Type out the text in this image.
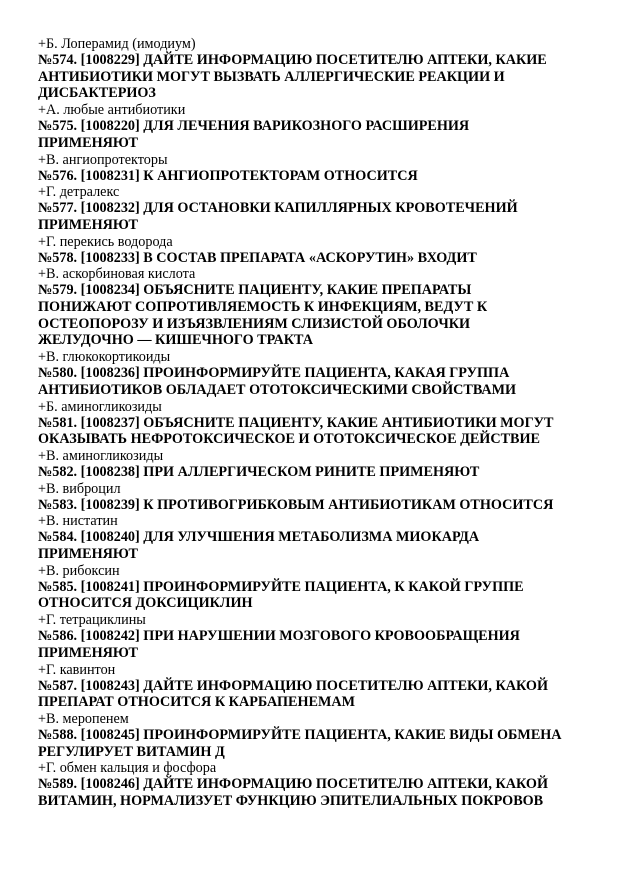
+Б. Лоперамид (имодиум)
№574. [1008229] ДАЙТЕ ИНФОРМАЦИЮ ПОСЕТИТЕЛЮ АПТЕКИ, КАКИЕ
АНТИБИОТИКИ МОГУТ ВЫЗВАТЬ АЛЛЕРГИЧЕСКИЕ РЕАКЦИИ И
ДИСБАКТЕРИОЗ
+А. любые антибиотики
№575. [1008220] ДЛЯ ЛЕЧЕНИЯ ВАРИКОЗНОГО РАСШИРЕНИЯ
ПРИМЕНЯЮТ
+В. ангиопротекторы
№576. [1008231] К АНГИОПРОТЕКТОРАМ ОТНОСИТСЯ
+Г. детралекс
№577. [1008232] ДЛЯ ОСТАНОВКИ КАПИЛЛЯРНЫХ КРОВОТЕЧЕНИЙ
ПРИМЕНЯЮТ
+Г. перекись водорода
№578. [1008233] В СОСТАВ ПРЕПАРАТА «АСКОРУТИН» ВХОДИТ
+В. аскорбиновая кислота
№579. [1008234] ОБЪЯСНИТЕ ПАЦИЕНТУ, КАКИЕ ПРЕПАРАТЫ
ПОНИЖАЮТ СОПРОТИВЛЯЕМОСТЬ К ИНФЕКЦИЯМ, ВЕДУТ К
ОСТЕОПОРОЗУ И ИЗЪЯЗВЛЕНИЯМ СЛИЗИСТОЙ ОБОЛОЧКИ
ЖЕЛУДОЧНО — КИШЕЧНОГО ТРАКТА
+В. глюкокортикоиды
№580. [1008236] ПРОИНФОРМИРУЙТЕ ПАЦИЕНТА, КАКАЯ ГРУППА
АНТИБИОТИКОВ ОБЛАДАЕТ ОТОТОКСИЧЕСКИМИ СВОЙСТВАМИ
+Б. аминогликозиды
№581. [1008237] ОБЪЯСНИТЕ ПАЦИЕНТУ, КАКИЕ АНТИБИОТИКИ МОГУТ
ОКАЗЫВАТЬ НЕФРОТОКСИЧЕСКОЕ И ОТОТОКСИЧЕСКОЕ ДЕЙСТВИЕ
+В. аминогликозиды
№582. [1008238] ПРИ АЛЛЕРГИЧЕСКОМ РИНИТЕ ПРИМЕНЯЮТ
+В. виброцил
№583. [1008239] К ПРОТИВОГРИБКОВЫМ АНТИБИОТИКАМ ОТНОСИТСЯ
+В. нистатин
№584. [1008240] ДЛЯ УЛУЧШЕНИЯ МЕТАБОЛИЗМА МИОКАРДА
ПРИМЕНЯЮТ
+В. рибоксин
№585. [1008241] ПРОИНФОРМИРУЙТЕ ПАЦИЕНТА, К КАКОЙ ГРУППЕ
ОТНОСИТСЯ ДОКСИЦИКЛИН
+Г. тетрациклины
№586. [1008242] ПРИ НАРУШЕНИИ МОЗГОВОГО КРОВООБРАЩЕНИЯ
ПРИМЕНЯЮТ
+Г. кавинтон
№587. [1008243] ДАЙТЕ ИНФОРМАЦИЮ ПОСЕТИТЕЛЮ АПТЕКИ, КАКОЙ
ПРЕПАРАТ ОТНОСИТСЯ К КАРБАПЕНЕМАМ
+В. меропенем
№588. [1008245] ПРОИНФОРМИРУЙТЕ ПАЦИЕНТА, КАКИЕ ВИДЫ ОБМЕНА
РЕГУЛИРУЕТ ВИТАМИН Д
+Г. обмен кальция и фосфора
№589. [1008246] ДАЙТЕ ИНФОРМАЦИЮ ПОСЕТИТЕЛЮ АПТЕКИ, КАКОЙ
ВИТАМИН, НОРМАЛИЗУЕТ ФУНКЦИЮ ЭПИТЕЛИАЛЬНЫХ ПОКРОВОВ
